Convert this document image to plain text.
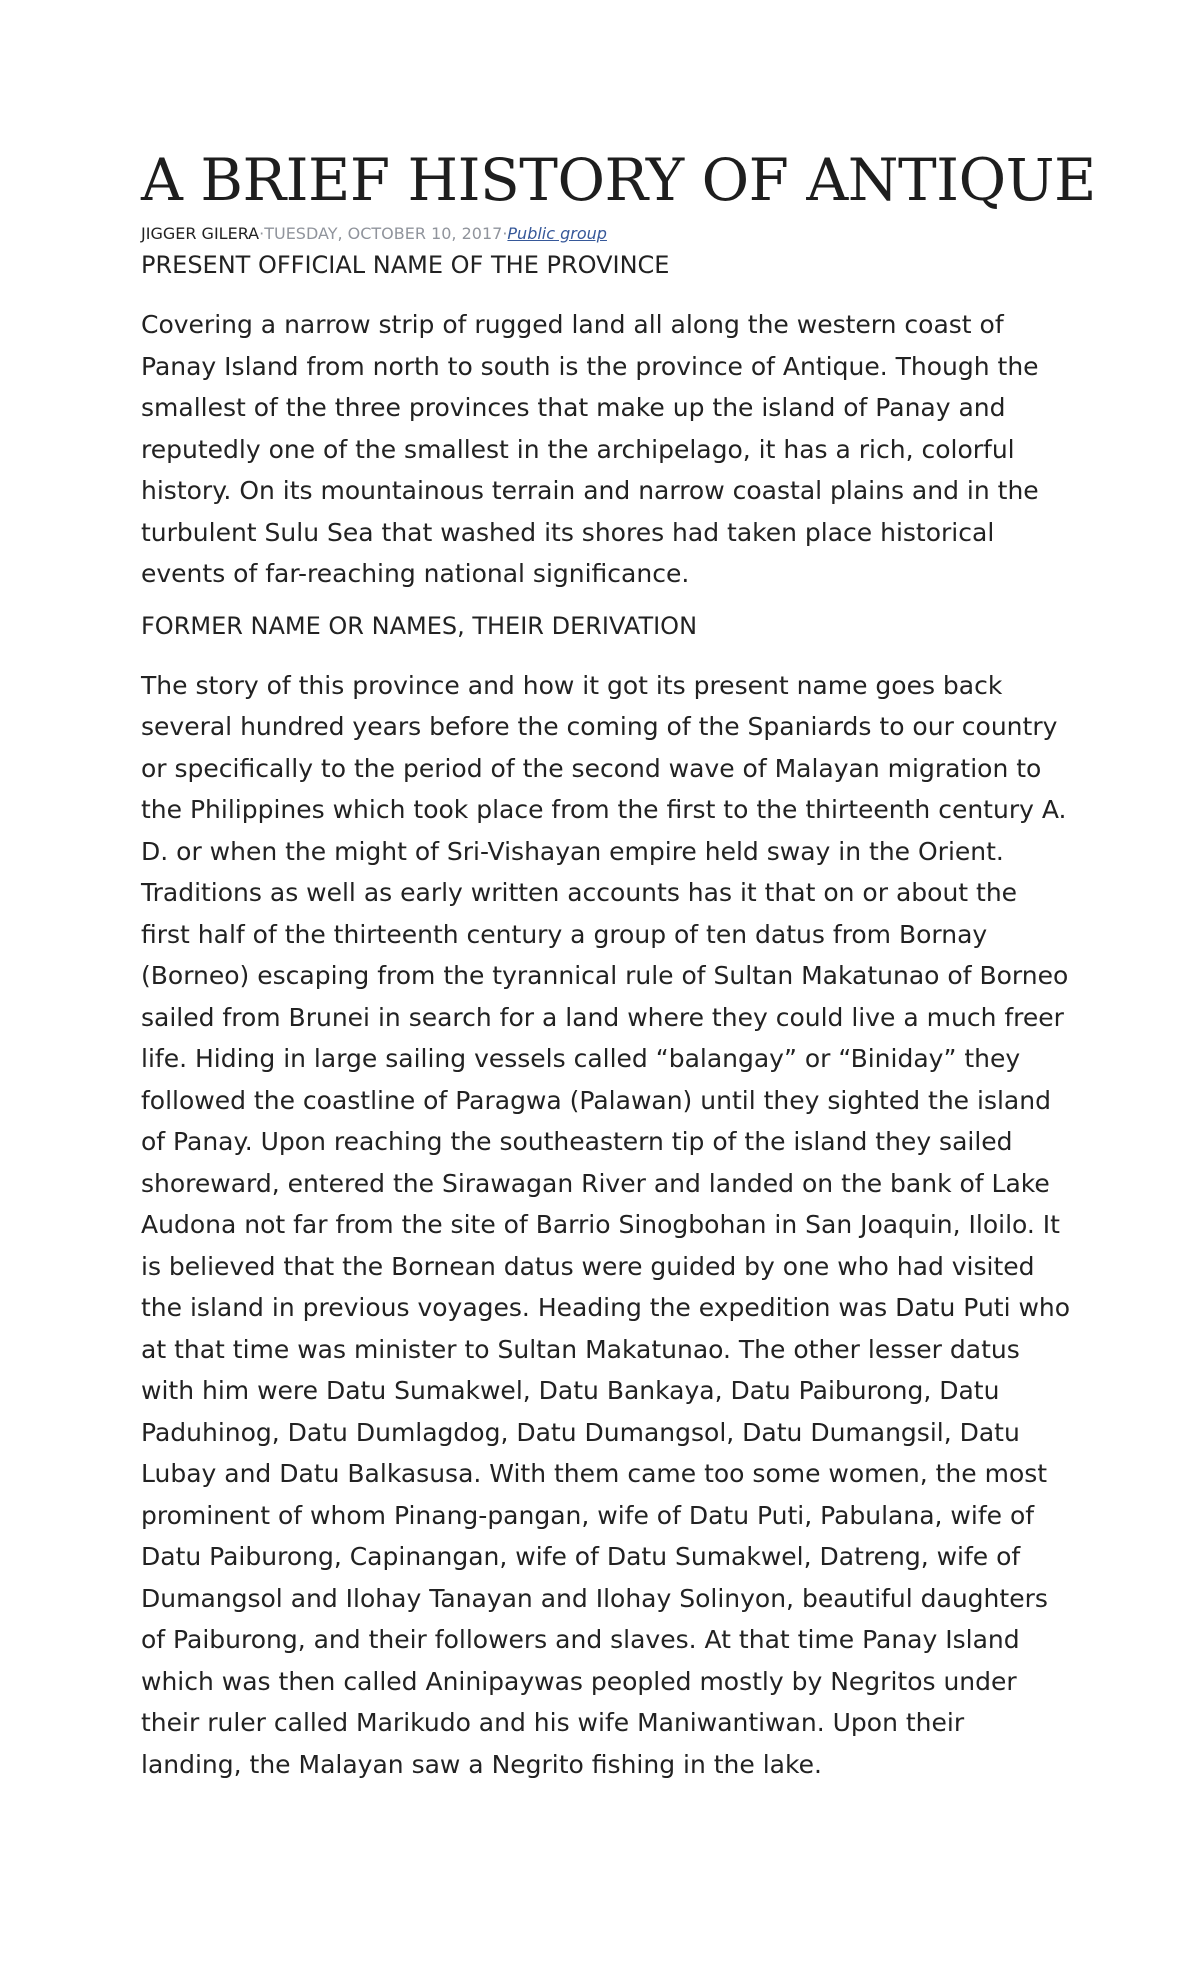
A BRIEF HISTORY OF ANTIQUE
JIGGER GILERA·TUESDAY, OCTOBER 10, 2017·Public group
PRESENT OFFICIAL NAME OF THE PROVINCE

Covering a narrow strip of rugged land all along the western coast of Panay Island from north to south is the province of Antique. Though the smallest of the three provinces that make up the island of Panay and reputedly one of the smallest in the archipelago, it has a rich, colorful history. On its mountainous terrain and narrow coastal plains and in the turbulent Sulu Sea that washed its shores had taken place historical events of far-reaching national significance.

FORMER NAME OR NAMES, THEIR DERIVATION

The story of this province and how it got its present name goes back several hundred years before the coming of the Spaniards to our country or specifically to the period of the second wave of Malayan migration to the Philippines which took place from the first to the thirteenth century A. D. or when the might of Sri-Vishayan empire held sway in the Orient. Traditions as well as early written accounts has it that on or about the first half of the thirteenth century a group of ten datus from Bornay (Borneo) escaping from the tyrannical rule of Sultan Makatunao of Borneo sailed from Brunei in search for a land where they could live a much freer life. Hiding in large sailing vessels called “balangay” or “Biniday” they followed the coastline of Paragwa (Palawan) until they sighted the island of Panay. Upon reaching the southeastern tip of the island they sailed shoreward, entered the Sirawagan River and landed on the bank of Lake Audona not far from the site of Barrio Sinogbohan in San Joaquin, Iloilo. It is believed that the Bornean datus were guided by one who had visited the island in previous voyages. Heading the expedition was Datu Puti who at that time was minister to Sultan Makatunao. The other lesser datus with him were Datu Sumakwel, Datu Bankaya, Datu Paiburong, Datu Paduhinog, Datu Dumlagdog, Datu Dumangsol, Datu Dumangsil, Datu Lubay and Datu Balkasusa. With them came too some women, the most prominent of whom Pinang-pangan, wife of Datu Puti, Pabulana, wife of Datu Paiburong, Capinangan, wife of Datu Sumakwel, Datreng, wife of Dumangsol and Ilohay Tanayan and Ilohay Solinyon, beautiful daughters of Paiburong, and their followers and slaves. At that time Panay Island which was then called Aninipaywas peopled mostly by Negritos under their ruler called Marikudo and his wife Maniwantiwan. Upon their landing, the Malayan saw a Negrito fishing in the lake.
